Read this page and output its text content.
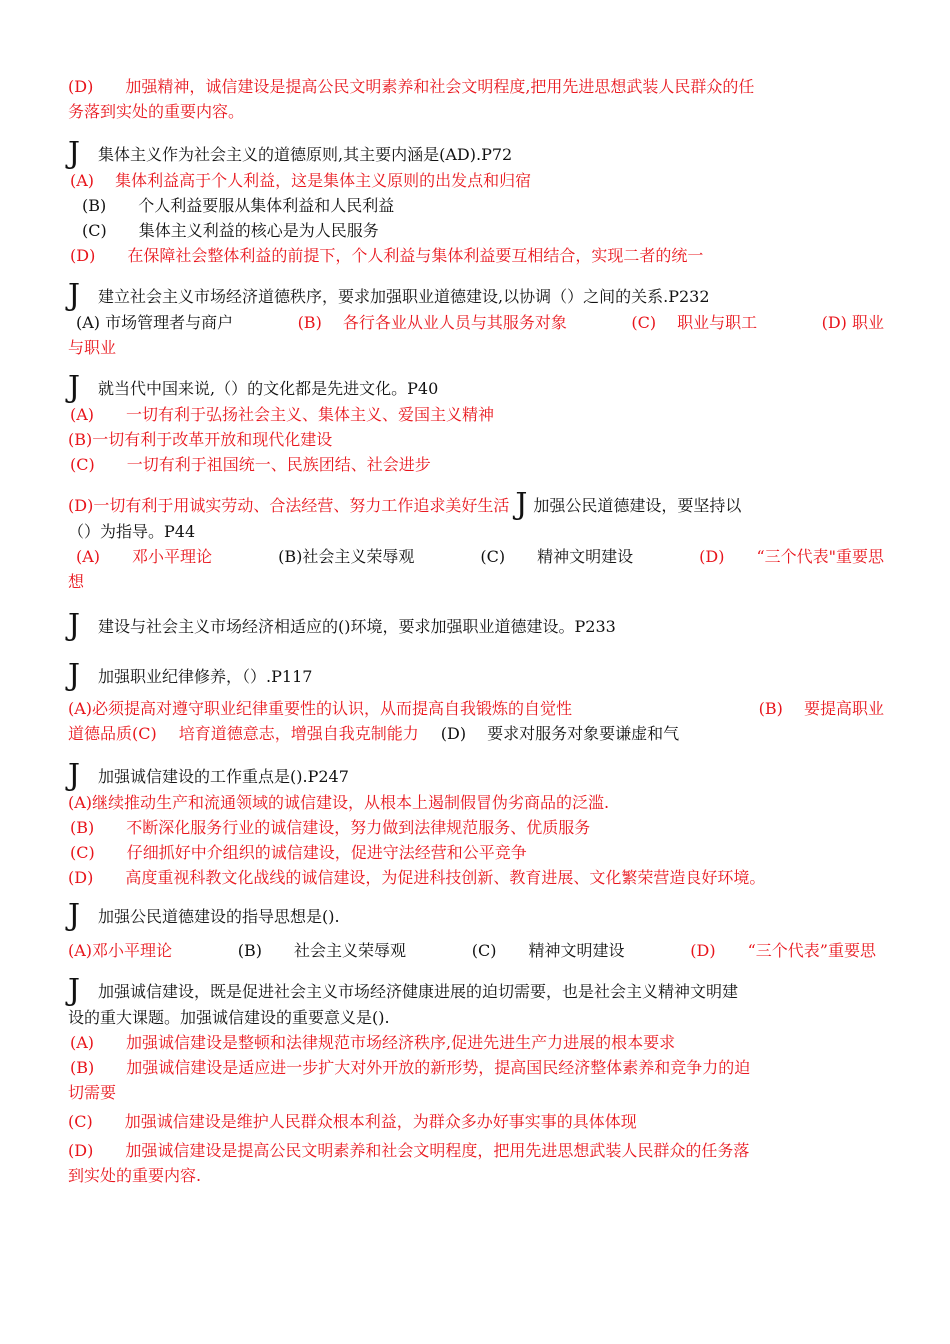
(D)　　加强精神，诚信建设是提高公民文明素养和社会文明程度,把用先进思想武装人民群众的任
务落到实处的重要内容。
J 集体主义作为社会主义的道德原则,其主要内涵是(AD).P72
(A)　 集体利益高于个人利益，这是集体主义原则的出发点和归宿
(B)　　个人利益要服从集体利益和人民利益
(C)　　集体主义利益的核心是为人民服务
(D)　　在保障社会整体利益的前提下，个人利益与集体利益要互相结合，实现二者的统一
J 建立社会主义市场经济道德秩序，要求加强职业道德建设,以协调（）之间的关系.P232
(A) 市场管理者与商户	(B)　 各行各业从业人员与其服务对象	(C)　 职业与职工	(D) 职业
与职业
J 就当代中国来说,（）的文化都是先进文化。P40
(A)　　一切有利于弘扬社会主义、集体主义、爱国主义精神
(B)一切有利于改革开放和现代化建设
(C)　　一切有利于祖国统一、民族团结、社会进步
(D)一切有利于用诚实劳动、合法经营、努力工作追求美好生活 J 加强公民道德建设，要坚持以
（）为指导。P44
(A)　　邓小平理论	(B)社会主义荣辱观	(C)　　精神文明建设	(D)　　“三个代表"重要思
想
J 建设与社会主义市场经济相适应的()环境，要求加强职业道德建设。P233
J 加强职业纪律修养，（）.P117
(A)必须提高对遵守职业纪律重要性的认识，从而提高自我锻炼的自觉性	(B)　 要提高职业
道德品质(C) 培育道德意志，增强自我克制能力 (D)　 要求对服务对象要谦虚和气
J 加强诚信建设的工作重点是().P247
(A)继续推动生产和流通领域的诚信建设，从根本上遏制假冒伪劣商品的泛滥.
(B)　　不断深化服务行业的诚信建设，努力做到法律规范服务、优质服务
(C)　　仔细抓好中介组织的诚信建设，促进守法经营和公平竞争
(D)　　高度重视科教文化战线的诚信建设，为促进科技创新、教育进展、文化繁荣营造良好环境。
J 加强公民道德建设的指导思想是().
(A)邓小平理论	(B)　　社会主义荣辱观	(C)　　精神文明建设	(D)　　“三个代表”重要思
J 加强诚信建设，既是促进社会主义市场经济健康进展的迫切需要，也是社会主义精神文明建
设的重大课题。加强诚信建设的重要意义是().
(A)　　加强诚信建设是整顿和法律规范市场经济秩序,促进先进生产力进展的根本要求
(B)　　加强诚信建设是适应进一步扩大对外开放的新形势，提高国民经济整体素养和竞争力的迫
切需要
(C)　　加强诚信建设是维护人民群众根本利益，为群众多办好事实事的具体体现
(D)　　加强诚信建设是提高公民文明素养和社会文明程度，把用先进思想武装人民群众的任务落
到实处的重要内容.
